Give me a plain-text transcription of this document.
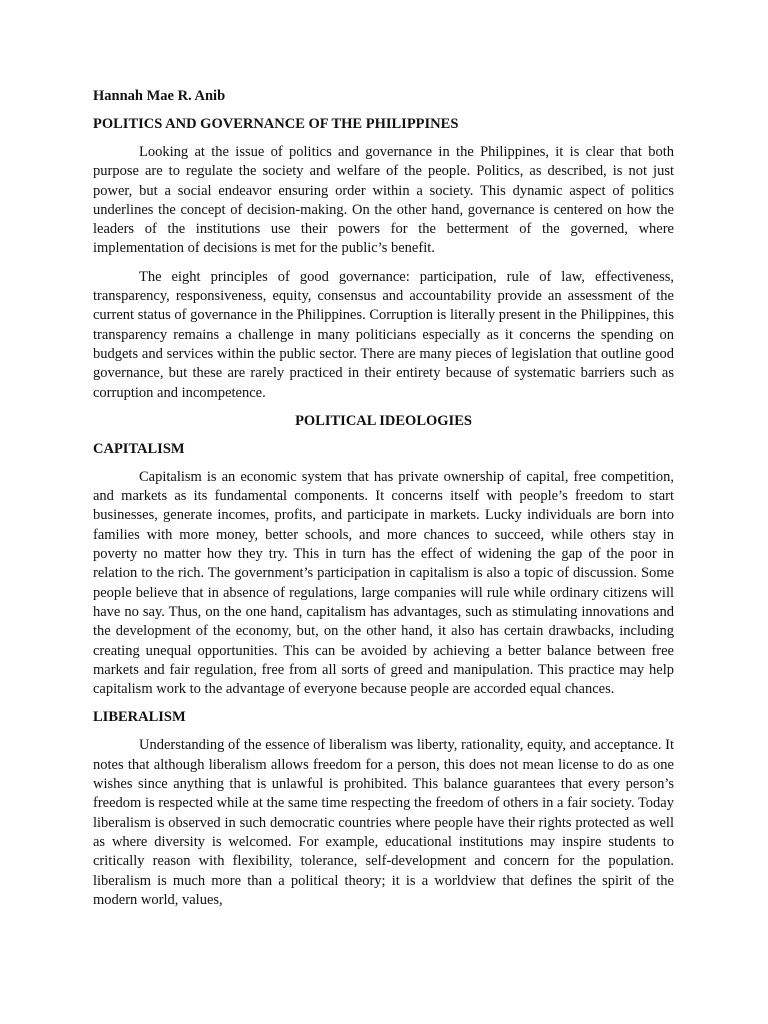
Hannah Mae R. Anib

POLITICS AND GOVERNANCE OF THE PHILIPPINES

Looking at the issue of politics and governance in the Philippines, it is clear that both purpose are to regulate the society and welfare of the people. Politics, as described, is not just power, but a social endeavor ensuring order within a society. This dynamic aspect of politics underlines the concept of decision-making. On the other hand, governance is centered on how the leaders of the institutions use their powers for the betterment of the governed, where implementation of decisions is met for the public’s benefit.

The eight principles of good governance: participation, rule of law, effectiveness, transparency, responsiveness, equity, consensus and accountability provide an assessment of the current status of governance in the Philippines. Corruption is literally present in the Philippines, this transparency remains a challenge in many politicians especially as it concerns the spending on budgets and services within the public sector. There are many pieces of legislation that outline good governance, but these are rarely practiced in their entirety because of systematic barriers such as corruption and incompetence.

POLITICAL IDEOLOGIES

CAPITALISM

Capitalism is an economic system that has private ownership of capital, free competition, and markets as its fundamental components. It concerns itself with people’s freedom to start businesses, generate incomes, profits, and participate in markets. Lucky individuals are born into families with more money, better schools, and more chances to succeed, while others stay in poverty no matter how they try. This in turn has the effect of widening the gap of the poor in relation to the rich. The government’s participation in capitalism is also a topic of discussion. Some people believe that in absence of regulations, large companies will rule while ordinary citizens will have no say. Thus, on the one hand, capitalism has advantages, such as stimulating innovations and the development of the economy, but, on the other hand, it also has certain drawbacks, including creating unequal opportunities. This can be avoided by achieving a better balance between free markets and fair regulation, free from all sorts of greed and manipulation. This practice may help capitalism work to the advantage of everyone because people are accorded equal chances.

LIBERALISM

Understanding of the essence of liberalism was liberty, rationality, equity, and acceptance. It notes that although liberalism allows freedom for a person, this does not mean license to do as one wishes since anything that is unlawful is prohibited. This balance guarantees that every person’s freedom is respected while at the same time respecting the freedom of others in a fair society. Today liberalism is observed in such democratic countries where people have their rights protected as well as where diversity is welcomed. For example, educational institutions may inspire students to critically reason with flexibility, tolerance, self-development and concern for the population. liberalism is much more than a political theory; it is a worldview that defines the spirit of the modern world, values,
